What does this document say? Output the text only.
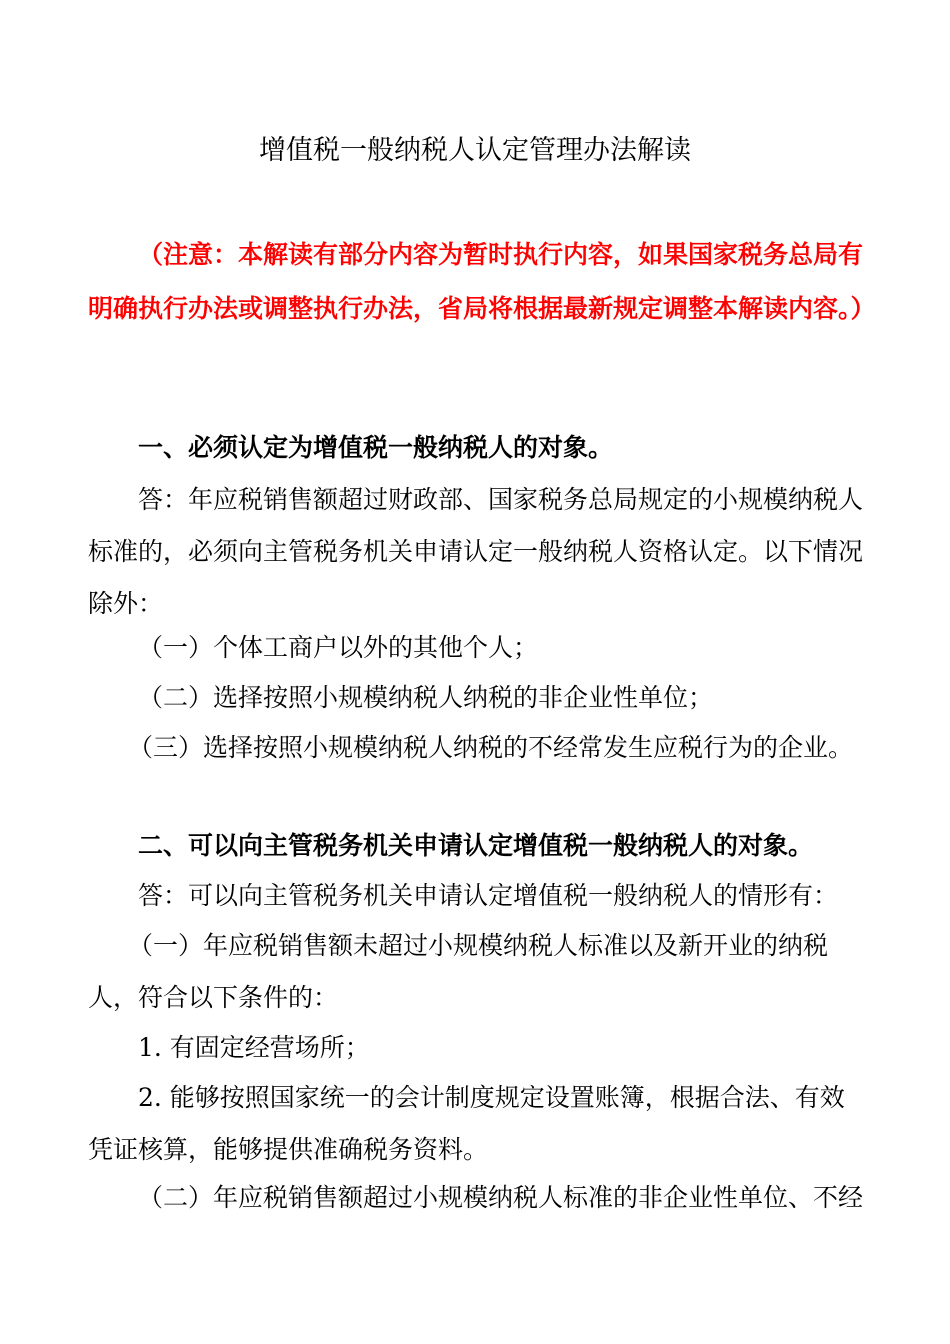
增值税一般纳税人认定管理办法解读

（注意：本解读有部分内容为暂时执行内容，如果国家税务总局有明确执行办法或调整执行办法，省局将根据最新规定调整本解读内容。）

一、必须认定为增值税一般纳税人的对象。

答：年应税销售额超过财政部、国家税务总局规定的小规模纳税人标准的，必须向主管税务机关申请认定一般纳税人资格认定。以下情况除外：

（一）个体工商户以外的其他个人；

（二）选择按照小规模纳税人纳税的非企业性单位；

（三）选择按照小规模纳税人纳税的不经常发生应税行为的企业。

二、可以向主管税务机关申请认定增值税一般纳税人的对象。

答：可以向主管税务机关申请认定增值税一般纳税人的情形有：

（一）年应税销售额未超过小规模纳税人标准以及新开业的纳税人，符合以下条件的：

1. 有固定经营场所；

2. 能够按照国家统一的会计制度规定设置账簿，根据合法、有效凭证核算，能够提供准确税务资料。

（二）年应税销售额超过小规模纳税人标准的非企业性单位、不经
